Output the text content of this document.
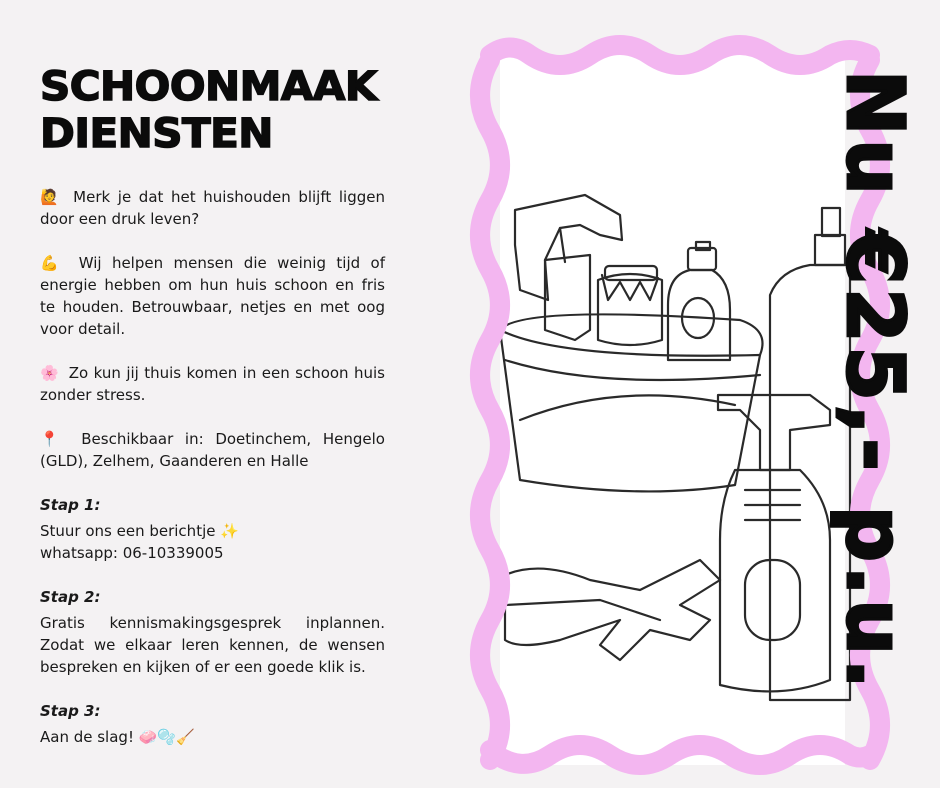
SCHOONMAAK
DIENSTEN

🙋 Merk je dat het huishouden blijft liggen door een druk leven?

💪 Wij helpen mensen die weinig tijd of energie hebben om hun huis schoon en fris te houden. Betrouwbaar, netjes en met oog voor detail.

🌸 Zo kun jij thuis komen in een schoon huis zonder stress.

📍 Beschikbaar in: Doetinchem, Hengelo (GLD), Zelhem, Gaanderen en Halle

Stap 1:
Stuur ons een berichtje ✨
whatsapp: 06-10339005
Stap 2:
Gratis kennismakingsgesprek inplannen. Zodat we elkaar leren kennen, de wensen bespreken en kijken of er een goede klik is.
Stap 3:
Aan de slag! 🧼🫧🧹
Nu €25,- p.u.
